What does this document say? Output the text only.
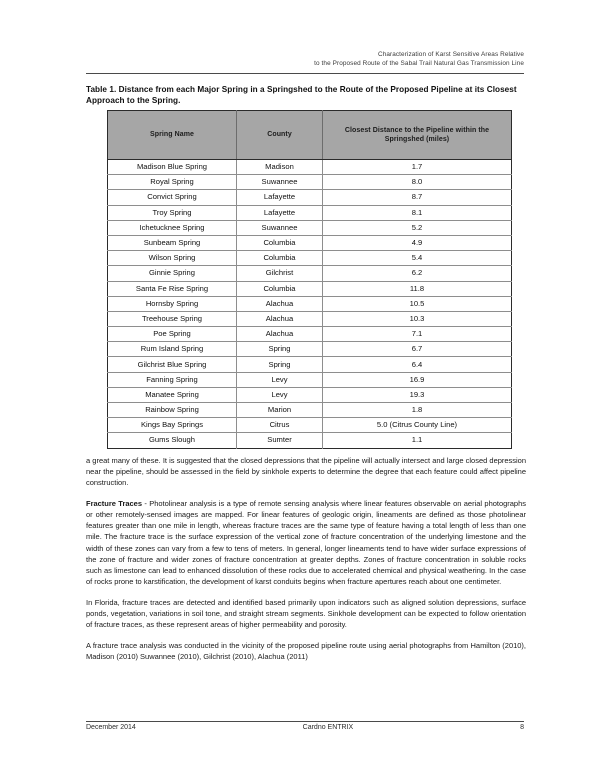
Characterization of Karst Sensitive Areas Relative
to the Proposed Route of the Sabal Trail Natural Gas Transmission Line
Table 1. Distance from each Major Spring in a Springshed to the Route of the Proposed Pipeline at its Closest Approach to the Spring.
Spring Name	County	Closest Distance to the Pipeline within the Springshed (miles)
Madison Blue Spring	Madison	1.7
Royal Spring	Suwannee	8.0
Convict Spring	Lafayette	8.7
Troy Spring	Lafayette	8.1
Ichetucknee Spring	Suwannee	5.2
Sunbeam Spring	Columbia	4.9
Wilson Spring	Columbia	5.4
Ginnie Spring	Gilchrist	6.2
Santa Fe Rise Spring	Columbia	11.8
Hornsby Spring	Alachua	10.5
Treehouse Spring	Alachua	10.3
Poe Spring	Alachua	7.1
Rum Island Spring	Spring	6.7
Gilchrist Blue Spring	Spring	6.4
Fanning Spring	Levy	16.9
Manatee Spring	Levy	19.3
Rainbow Spring	Marion	1.8
Kings Bay Springs	Citrus	5.0 (Citrus County Line)
Gums Slough	Sumter	1.1

a great many of these. It is suggested that the closed depressions that the pipeline will actually intersect and large closed depression near the pipeline, should be assessed in the field by sinkhole experts to determine the degree that each feature could affect pipeline construction.

Fracture Traces - Photolinear analysis is a type of remote sensing analysis where linear features observable on aerial photographs or other remotely-sensed images are mapped. For linear features of geologic origin, lineaments are defined as those photolinear features greater than one mile in length, whereas fracture traces are the same type of feature having a total length of less than one mile. The fracture trace is the surface expression of the vertical zone of fracture concentration of the underlying limestone and the width of these zones can vary from a few to tens of meters. In general, longer lineaments tend to have wider surface expressions of the zone of fracture and wider zones of fracture concentration at greater depths. Zones of fracture concentration in soluble rocks such as limestone can lead to enhanced dissolution of these rocks due to accelerated chemical and physical weathering. In the case of rocks prone to karstification, the development of karst conduits begins when fracture apertures reach about one centimeter.

In Florida, fracture traces are detected and identified based primarily upon indicators such as aligned solution depressions, surface ponds, vegetation, variations in soil tone, and straight stream segments. Sinkhole development can be expected to follow orientation of fracture traces, as these represent areas of higher permeability and porosity.

A fracture trace analysis was conducted in the vicinity of the proposed pipeline route using aerial photographs from Hamilton (2010), Madison (2010) Suwannee (2010), Gilchrist (2010), Alachua (2011)

December 2014	Cardno ENTRIX	8
